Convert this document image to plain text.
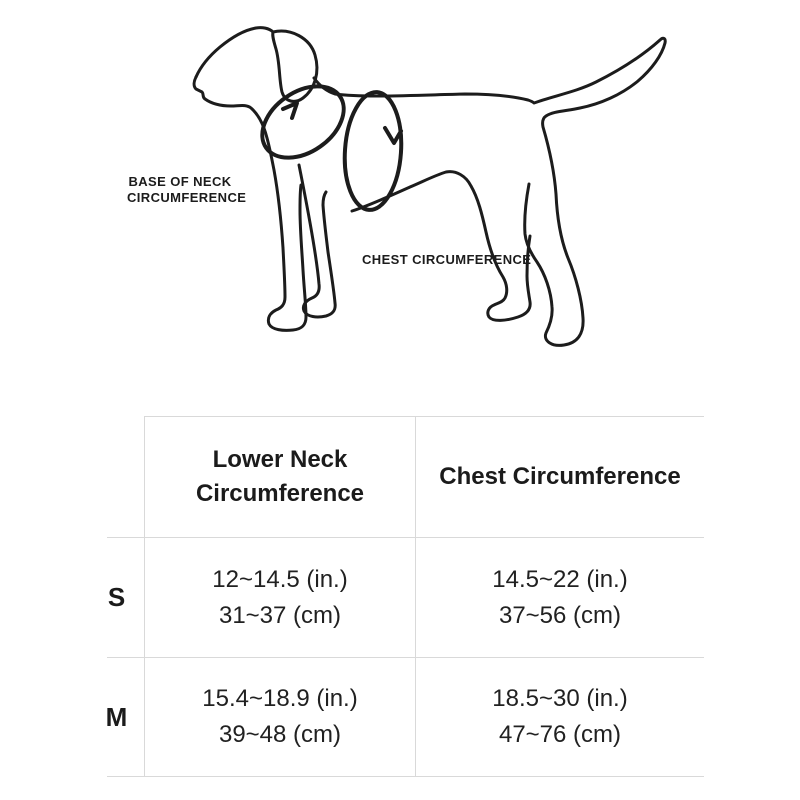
BASE OF NECK
CIRCUMFERENCE
CHEST CIRCUMFERENCE
Lower Neck
Circumference
Chest Circumference
S
12~14.5 (in.)
31~37 (cm)
14.5~22 (in.)
37~56 (cm)
M
15.4~18.9 (in.)
39~48 (cm)
18.5~30 (in.)
47~76 (cm)
